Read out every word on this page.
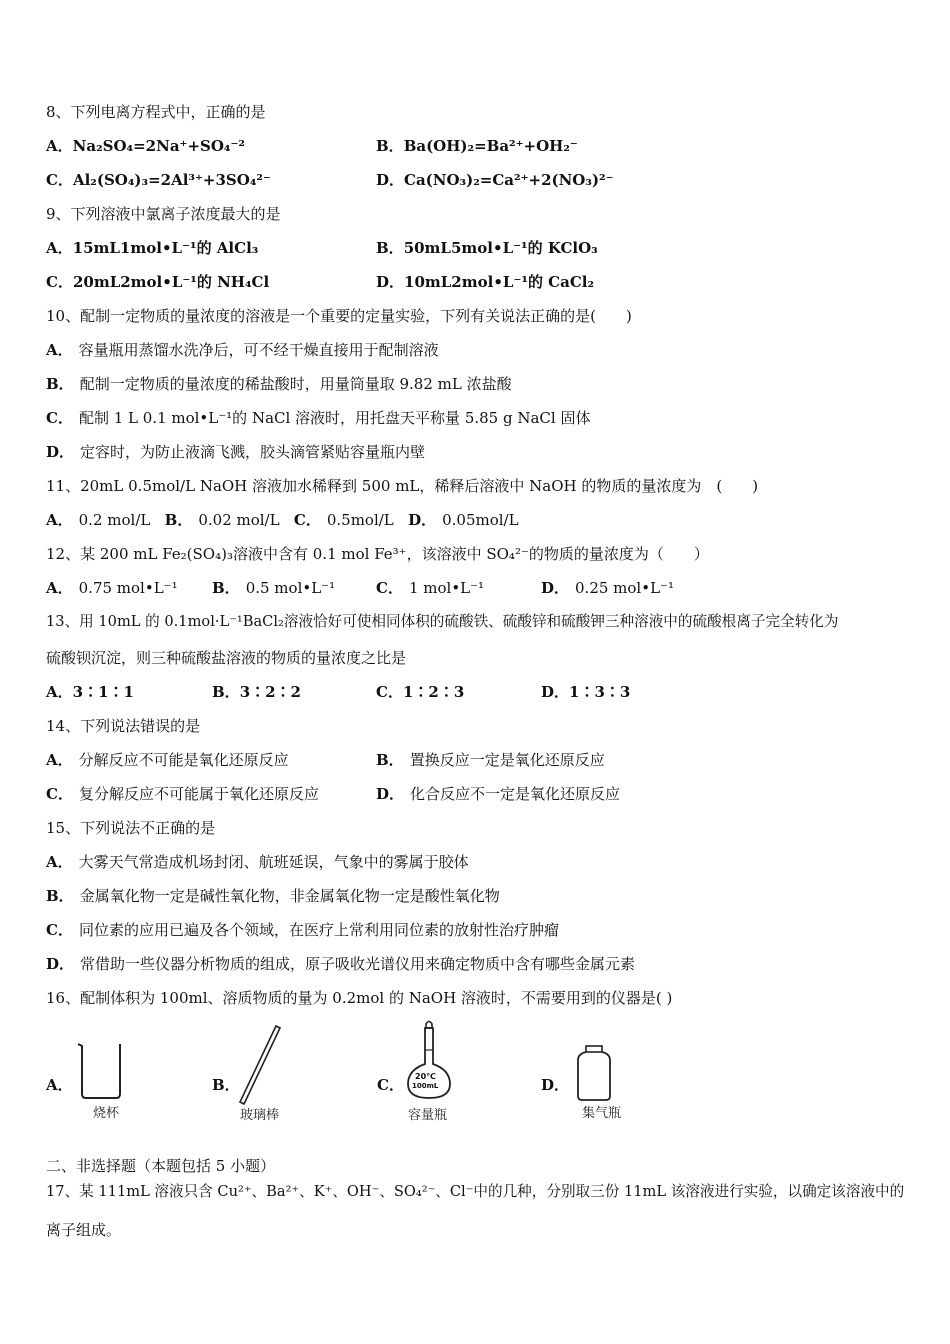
8、下列电离方程式中，正确的是
A．Na₂SO₄=2Na⁺+SO₄⁻²	B．Ba(OH)₂=Ba²⁺+OH₂⁻
C．Al₂(SO₄)₃=2Al³⁺+3SO₄²⁻	D．Ca(NO₃)₂=Ca²⁺+2(NO₃)²⁻
9、下列溶液中氯离子浓度最大的是
A．15mL1mol•L⁻¹的 AlCl₃	B．50mL5mol•L⁻¹的 KClO₃
C．20mL2mol•L⁻¹的 NH₄Cl	D．10mL2mol•L⁻¹的 CaCl₂
10、配制一定物质的量浓度的溶液是一个重要的定量实验，下列有关说法正确的是(　　)
A． 容量瓶用蒸馏水洗净后，可不经干燥直接用于配制溶液
B． 配制一定物质的量浓度的稀盐酸时，用量筒量取 9.82 mL 浓盐酸
C． 配制 1 L 0.1 mol•L⁻¹的 NaCl 溶液时，用托盘天平称量 5.85 g NaCl 固体
D． 定容时，为防止液滴飞溅，胶头滴管紧贴容量瓶内壁
11、20mL 0.5mol/L NaOH 溶液加水稀释到 500 mL，稀释后溶液中 NaOH 的物质的量浓度为　(　　)
A． 0.2 mol/L B． 0.02 mol/L C． 0.5mol/L D． 0.05mol/L
12、某 200 mL Fe₂(SO₄)₃溶液中含有 0.1 mol Fe³⁺，该溶液中 SO₄²⁻的物质的量浓度为（　　）
A． 0.75 mol•L⁻¹ B． 0.5 mol•L⁻¹	C． 1 mol•L⁻¹	D． 0.25 mol•L⁻¹
13、用 10mL 的 0.1mol·L⁻¹BaCl₂溶液恰好可使相同体积的硫酸铁、硫酸锌和硫酸钾三种溶液中的硫酸根离子完全转化为
硫酸钡沉淀，则三种硫酸盐溶液的物质的量浓度之比是
A．3∶1∶1	B．3∶2∶2	C．1∶2∶3	D．1∶3∶3
14、下列说法错误的是
A． 分解反应不可能是氧化还原反应	B． 置换反应一定是氧化还原反应
C． 复分解反应不可能属于氧化还原反应	D． 化合反应不一定是氧化还原反应
15、下列说法不正确的是
A． 大雾天气常造成机场封闭、航班延误，气象中的雾属于胶体
B． 金属氧化物一定是碱性氧化物，非金属氧化物一定是酸性氧化物
C． 同位素的应用已遍及各个领域，在医疗上常利用同位素的放射性治疗肿瘤
D． 常借助一些仪器分析物质的组成，原子吸收光谱仪用来确定物质中含有哪些金属元素
16、配制体积为 100ml、溶质物质的量为 0.2mol 的 NaOH 溶液时，不需要用到的仪器是( )
A．
烧杯
B．
玻璃棒
C． 20℃
100mL
容量瓶
D．
集气瓶
二、非选择题（本题包括 5 小题）
17、某 111mL 溶液只含 Cu²⁺、Ba²⁺、K⁺、OH⁻、SO₄²⁻、Cl⁻中的几种，分别取三份 11mL 该溶液进行实验，以确定该溶液中的
离子组成。
